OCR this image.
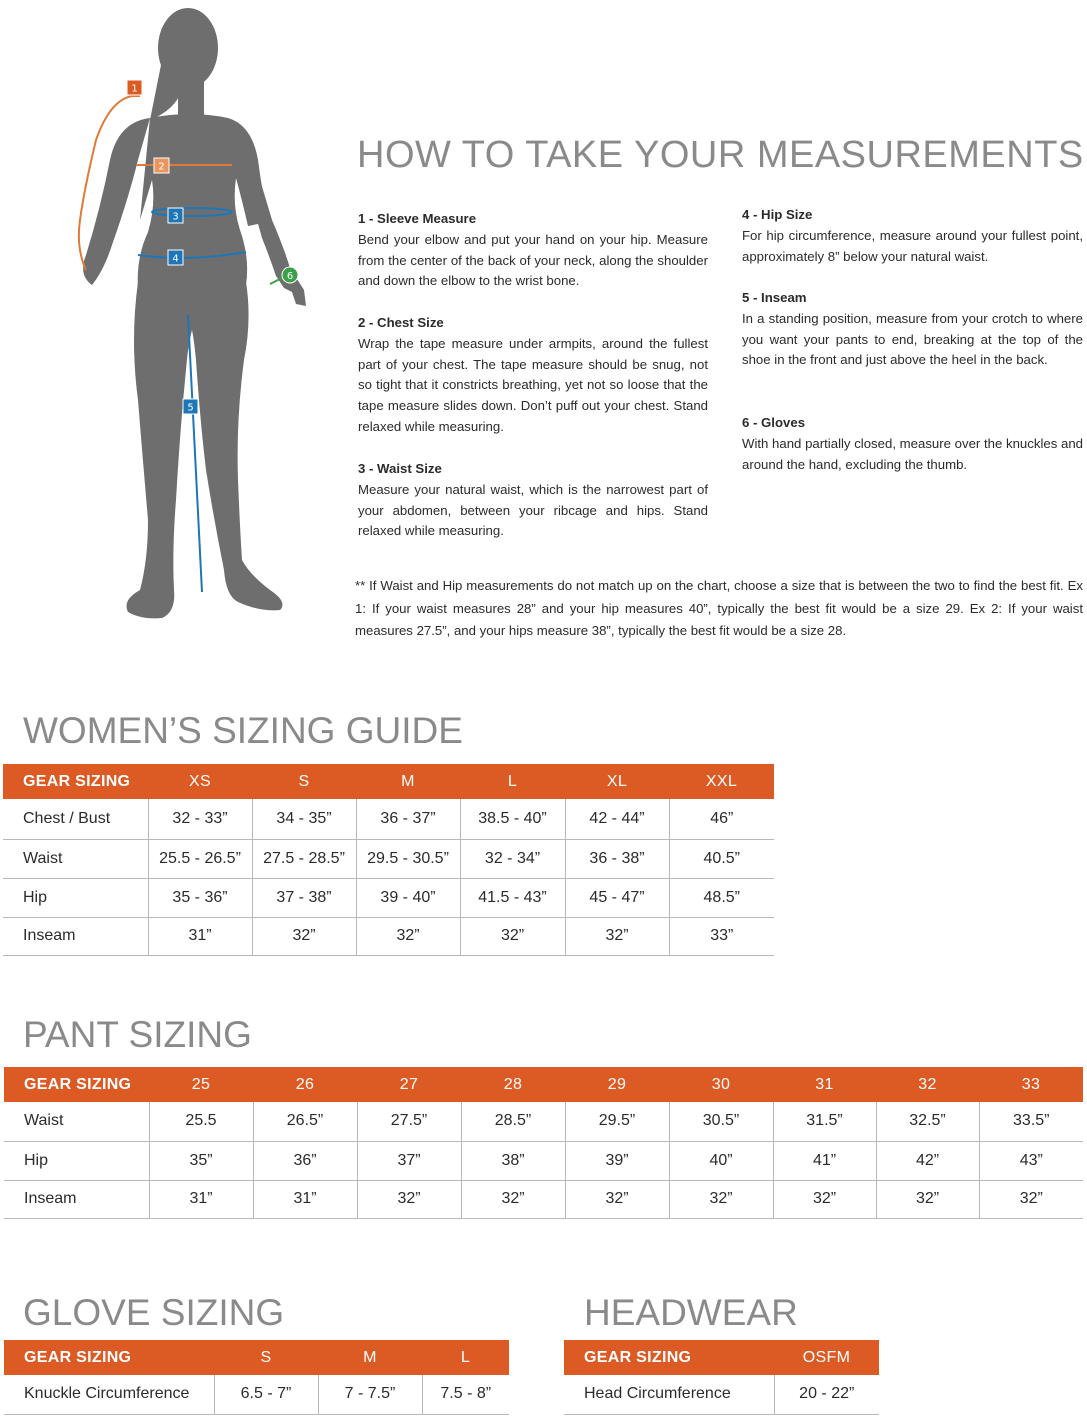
1
2
3
4
5
6
HOW TO TAKE YOUR MEASUREMENTS
1 - Sleeve Measure
Bend your elbow and put your hand on your hip. Measure from the center of the back of your neck, along the shoulder and down the elbow to the wrist bone.
2 - Chest Size
Wrap the tape measure under armpits, around the fullest part of your chest. The tape measure should be snug, not so tight that it constricts breathing, yet not so loose that the tape measure slides down. Don’t puff out your chest. Stand relaxed while measuring.
3 - Waist Size
Measure your natural waist, which is the narrowest part of your abdomen, between your ribcage and hips. Stand relaxed while measuring.
4 - Hip Size
For hip circumference, measure around your fullest point, approximately 8” below your natural waist.
5 - Inseam
In a standing position, measure from your crotch to where you want your pants to end, breaking at the top of the shoe in the front and just above the heel in the back.
6 - Gloves
With hand partially closed, measure over the knuckles and around the hand, excluding the thumb.
** If Waist and Hip measurements do not match up on the chart, choose a size that is between the two to find the best fit. Ex 1: If your waist measures 28” and your hip measures 40”, typically the best fit would be a size 29. Ex 2: If your waist measures 27.5”, and your hips measure 38”, typically the best fit would be a size 28.
WOMEN’S SIZING GUIDE
GEAR SIZING	XS	S	M	L	XL	XXL
Chest / Bust	32 - 33”	34 - 35”	36 - 37”	38.5 - 40”	42 - 44”	46”
Waist	25.5 - 26.5”	27.5 - 28.5”	29.5 - 30.5”	32 - 34”	36 - 38”	40.5”
Hip	35 - 36”	37 - 38”	39 - 40”	41.5 - 43”	45 - 47”	48.5”
Inseam	31”	32”	32”	32”	32”	33”
PANT SIZING
GEAR SIZING	25	26	27	28	29	30	31	32	33
Waist	25.5	26.5”	27.5”	28.5”	29.5”	30.5”	31.5”	32.5”	33.5”
Hip	35”	36”	37”	38”	39”	40”	41”	42”	43”
Inseam	31”	31”	32”	32”	32”	32”	32”	32”	32”
GLOVE SIZING
GEAR SIZING	S	M	L
Knuckle Circumference	6.5 - 7”	7 - 7.5”	7.5 - 8”
HEADWEAR
GEAR SIZING	OSFM
Head Circumference	20 - 22”
